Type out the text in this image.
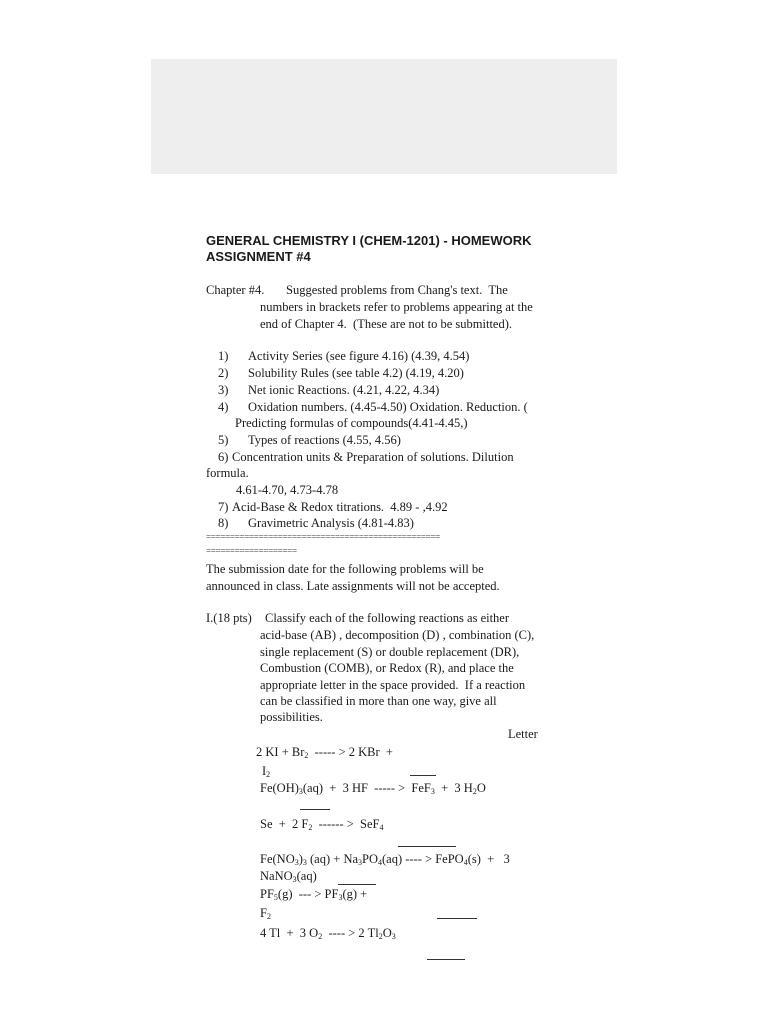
GENERAL CHEMISTRY I (CHEM-1201) - HOMEWORK
ASSIGNMENT #4
Chapter #4. Suggested problems from Chang's text.  The
numbers in brackets refer to problems appearing at the
end of Chapter 4.  (These are not to be submitted).
1) Activity Series (see figure 4.16) (4.39, 4.54)
2) Solubility Rules (see table 4.2) (4.19, 4.20)
3) Net ionic Reactions. (4.21, 4.22, 4.34)
4) Oxidation numbers. (4.45-4.50) Oxidation. Reduction. (
Predicting formulas of compounds(4.41-4.45,)
5) Types of reactions (4.55, 4.56)
6) Concentration units & Preparation of solutions. Dilution
formula.
4.61-4.70, 4.73-4.78
7) Acid-Base & Redox titrations.  4.89 - ,4.92
8) Gravimetric Analysis (4.81-4.83)
=================================================
===================
The submission date for the following problems will be
announced in class. Late assignments will not be accepted.
I.(18 pts) Classify each of the following reactions as either
acid-base (AB) , decomposition (D) , combination (C),
single replacement (S) or double replacement (DR),
Combustion (COMB), or Redox (R), and place the
appropriate letter in the space provided.  If a reaction
can be classified in more than one way, give all
possibilities.
Letter
2 KI + $Br_2$  ----- > 2 KBr  +
$I_2$
$Fe(OH)_3(aq) + 3$ HF  ----- >  FeF$_3$  +  3 $H_2O$
Se  +  2 $F_2$  ------ >  SeF$_4$
$Fe(NO_3)_3$ $(aq) + Na_3PO_4(aq)$ ---- > FePO$_4$(s)  +   3
NaNO$_3$(aq)
$PF_5(g)$  --- > $PF_3(g)$ +
$F_2$
4 Tl  +  3 $O_2$  ---- > 2 $Tl_2O_3$
